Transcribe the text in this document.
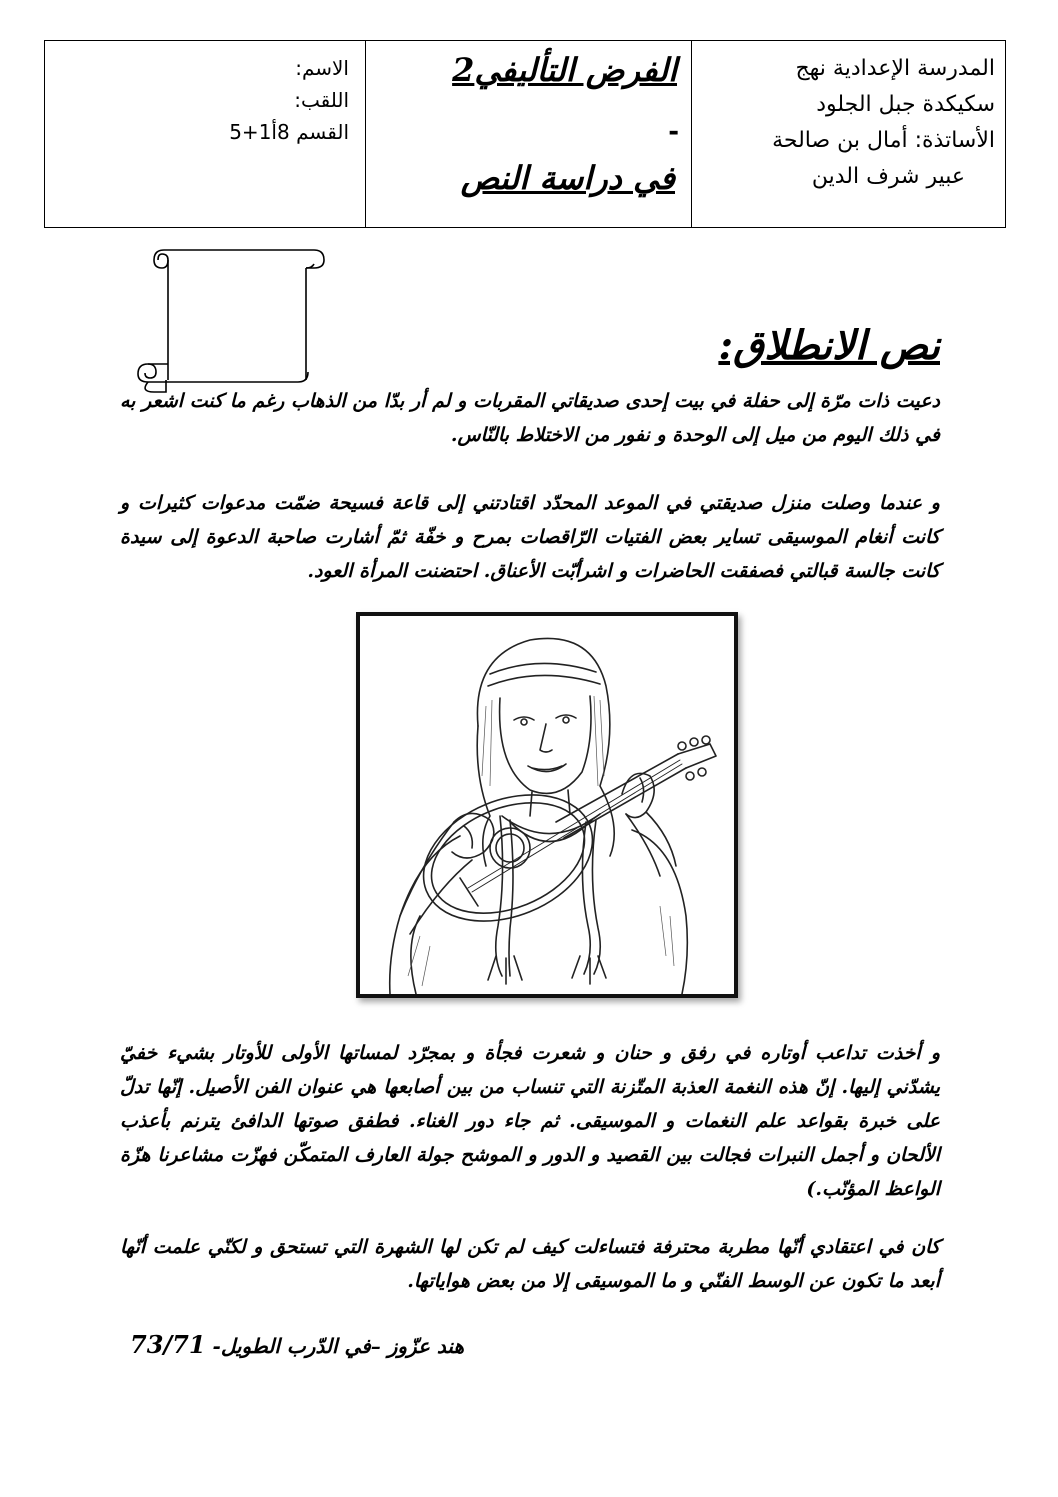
المدرسة الإعدادية نهج
سكيكدة جبل الجلود
الأساتذة: أمال بن صالحة
عبير شرف الدين
الفرض التأليفي2
-
في دراسة النص
الاسم:
اللقب:
القسم 8أ1+5
نص الانطلاق:

دعيت ذات مرّة إلى حفلة في بيت إحدى صديقاتي المقربات و لم أر بدّا من الذهاب رغم ما كنت اشعر به في ذلك اليوم من ميل إلى الوحدة و نفور من الاختلاط بالنّاس.

و عندما وصلت منزل صديقتي في الموعد المحدّد اقتادتني إلى قاعة فسيحة ضمّت مدعوات كثيرات و كانت أنغام الموسيقى تساير بعض الفتيات الرّاقصات بمرح و خفّة ثمّ أشارت صاحبة الدعوة إلى سيدة كانت جالسة قبالتي فصفقت الحاضرات و اشرأبّت الأعناق. احتضنت المرأة العود.

و أخذت تداعب أوتاره في رفق و حنان و شعرت فجأة و بمجرّد لمساتها الأولى للأوتار بشيء خفيّ يشدّني إليها. إنّ هذه النغمة العذبة المتّزنة التي تنساب من بين أصابعها هي عنوان الفن الأصيل. إنّها تدلّ على خبرة بقواعد علم النغمات و الموسيقى. ثم جاء دور الغناء. فطفق صوتها الدافئ يترنم بأعذب الألحان و أجمل النبرات فجالت بين القصيد و الدور و الموشح جولة العارف المتمكّن فهزّت مشاعرنا هزّة الواعظ المؤنّب.)

كان في اعتقادي أنّها مطربة محترفة فتساءلت كيف لم تكن لها الشهرة التي تستحق و لكنّي علمت أنّها أبعد ما تكون عن الوسط الفنّي و ما الموسيقى إلا من بعض هواياتها.

هند عزّوز –في الدّرب الطويل- 73/71
